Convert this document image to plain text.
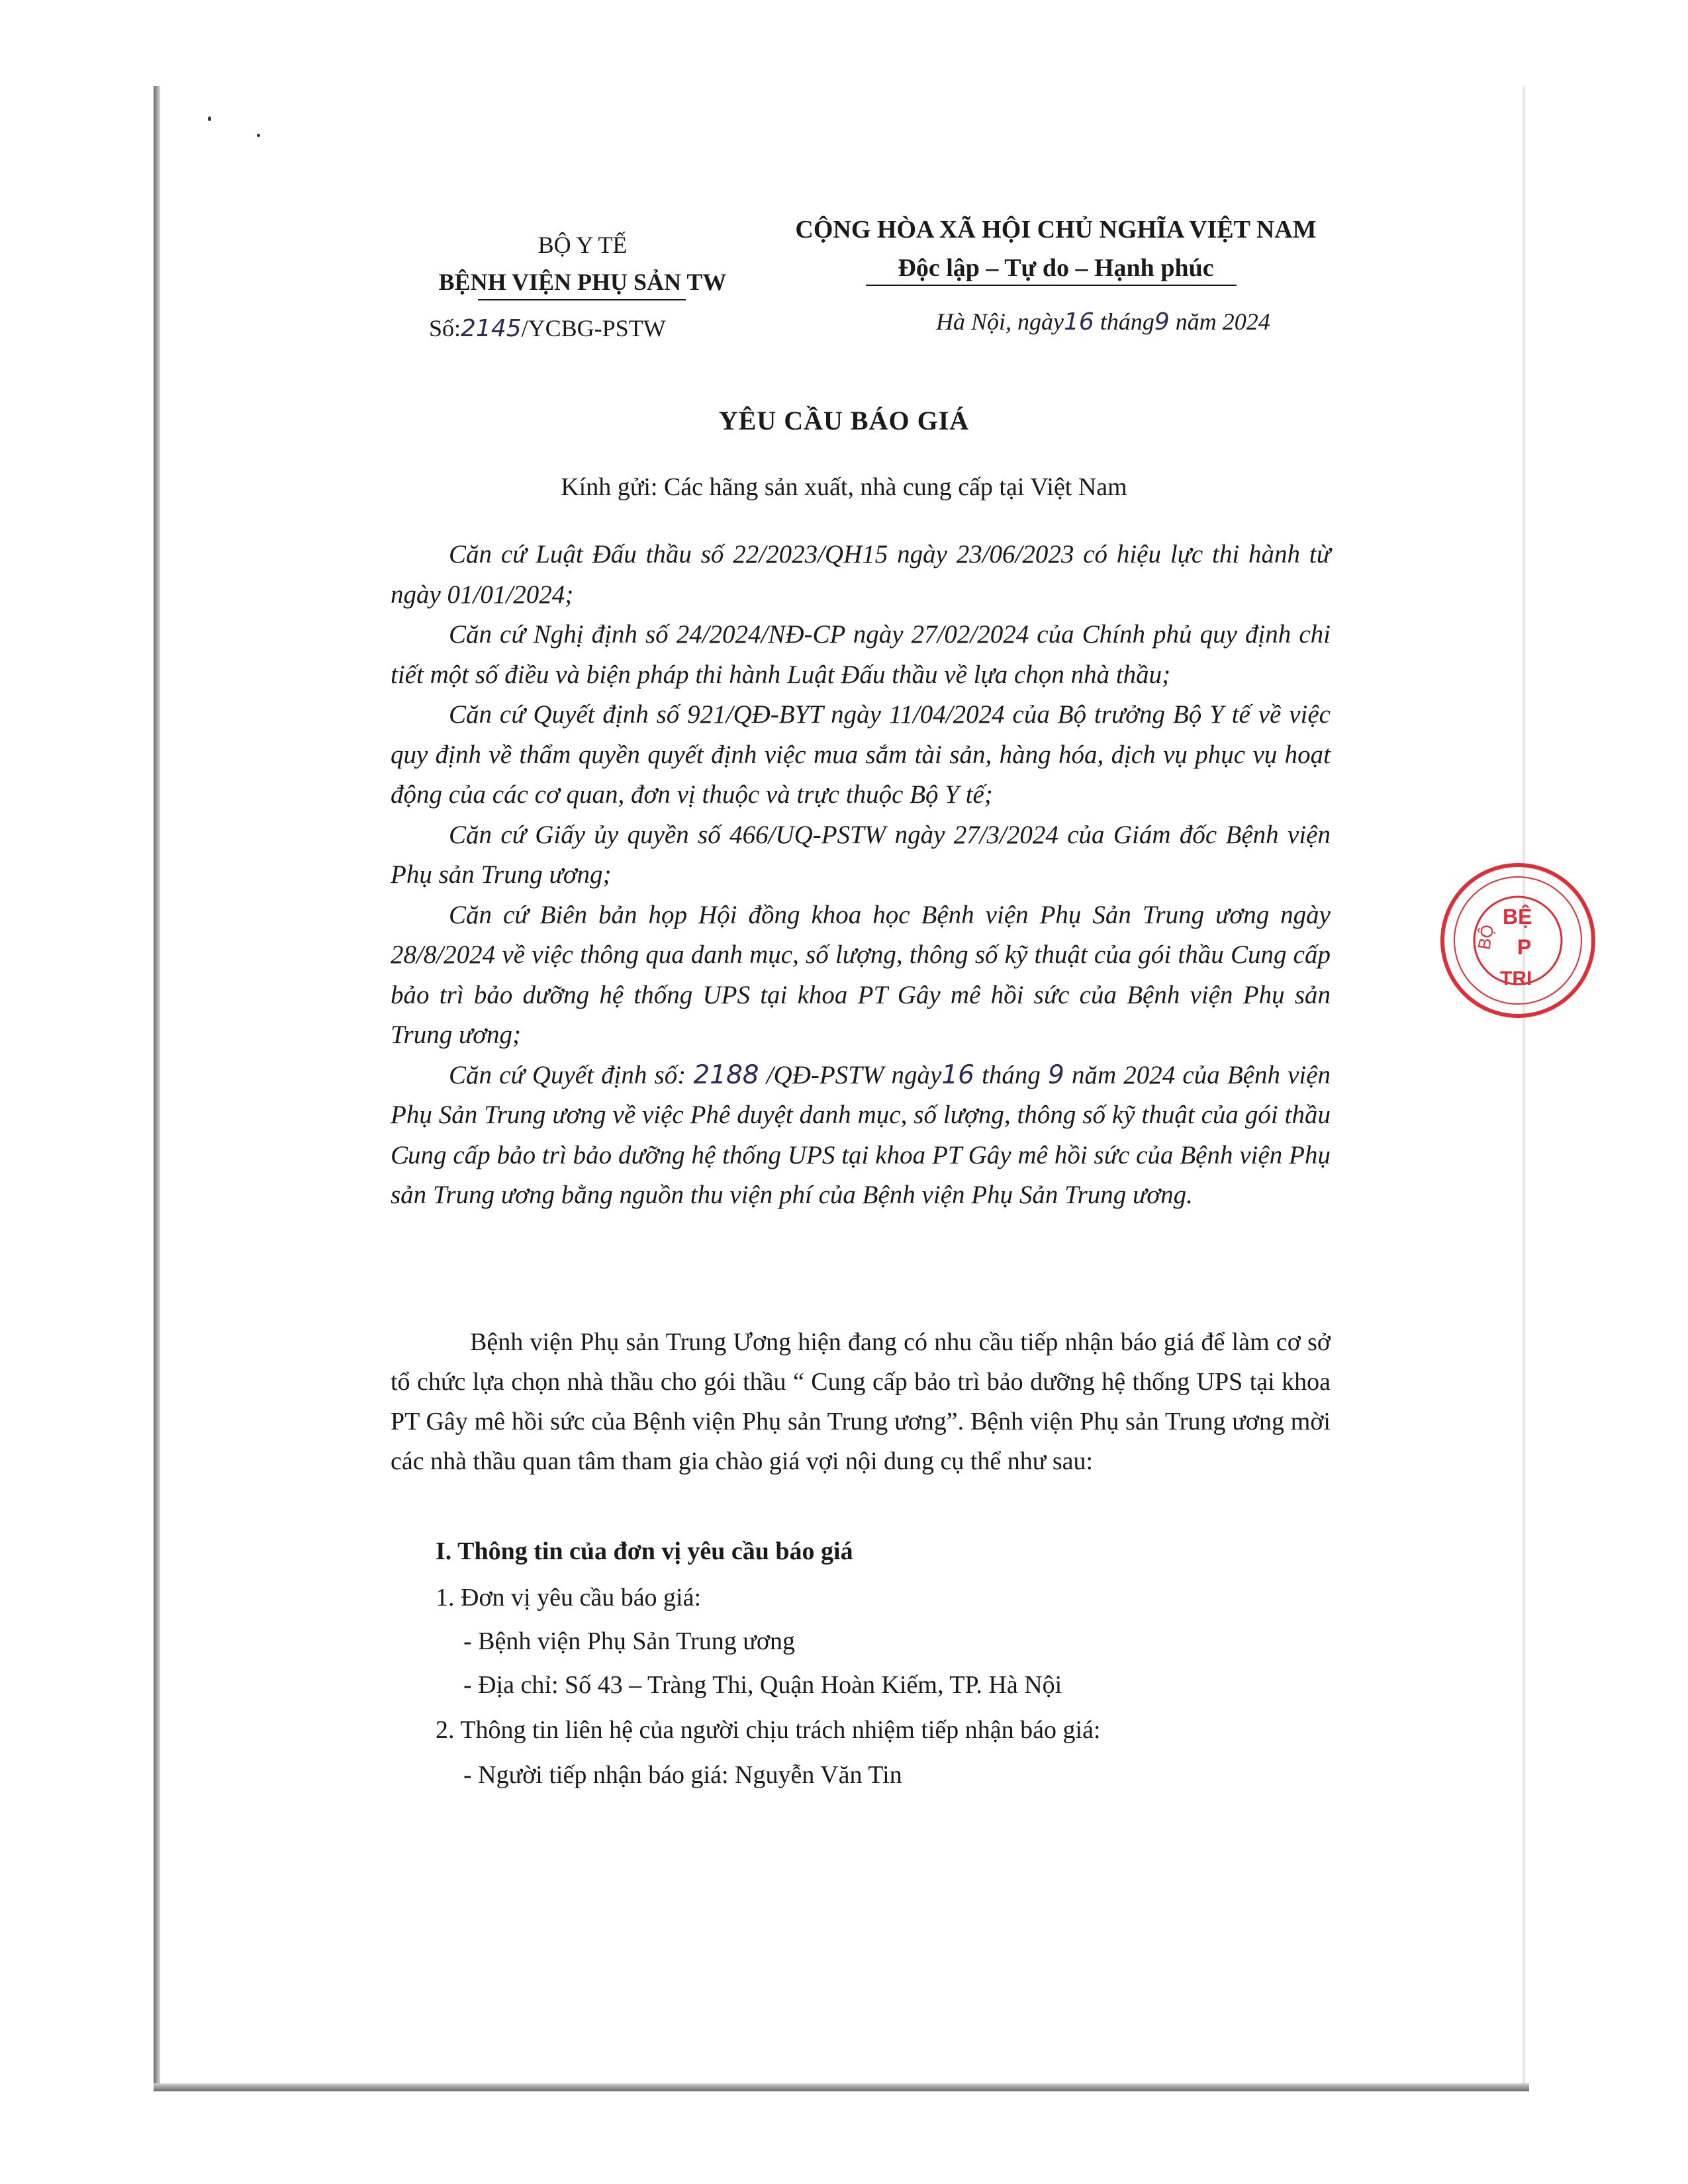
BỘ Y TẾ
BỆNH VIỆN PHỤ SẢN TW
Số:2145/YCBG-PSTW
CỘNG HÒA XÃ HỘI CHỦ NGHĨA VIỆT NAM
Độc lập – Tự do – Hạnh phúc
Hà Nội, ngày16 tháng9 năm 2024
YÊU CẦU BÁO GIÁ
Kính gửi: Các hãng sản xuất, nhà cung cấp tại Việt Nam

Căn cứ Luật Đấu thầu số 22/2023/QH15 ngày 23/06/2023 có hiệu lực thi hành từ ngày 01/01/2024;

Căn cứ Nghị định số 24/2024/NĐ-CP ngày 27/02/2024 của Chính phủ quy định chi tiết một số điều và biện pháp thi hành Luật Đấu thầu về lựa chọn nhà thầu;

Căn cứ Quyết định số 921/QĐ-BYT ngày 11/04/2024 của Bộ trưởng Bộ Y tế về việc quy định về thẩm quyền quyết định việc mua sắm tài sản, hàng hóa, dịch vụ phục vụ hoạt động của các cơ quan, đơn vị thuộc và trực thuộc Bộ Y tế;

Căn cứ Giấy ủy quyền số 466/UQ-PSTW ngày 27/3/2024 của Giám đốc Bệnh viện Phụ sản Trung ương;

Căn cứ Biên bản họp Hội đồng khoa học Bệnh viện Phụ Sản Trung ương ngày 28/8/2024 về việc thông qua danh mục, số lượng, thông số kỹ thuật của gói thầu Cung cấp bảo trì bảo dưỡng hệ thống UPS tại khoa PT Gây mê hồi sức của Bệnh viện Phụ sản Trung ương;

Căn cứ Quyết định số: 2188 /QĐ-PSTW ngày16 tháng 9 năm 2024 của Bệnh viện Phụ Sản Trung ương về việc Phê duyệt danh mục, số lượng, thông số kỹ thuật của gói thầu Cung cấp bảo trì bảo dưỡng hệ thống UPS tại khoa PT Gây mê hồi sức của Bệnh viện Phụ sản Trung ương bằng nguồn thu viện phí của Bệnh viện Phụ Sản Trung ương.

Bệnh viện Phụ sản Trung Ương hiện đang có nhu cầu tiếp nhận báo giá để làm cơ sở tổ chức lựa chọn nhà thầu cho gói thầu “ Cung cấp bảo trì bảo dưỡng hệ thống UPS tại khoa PT Gây mê hồi sức của Bệnh viện Phụ sản Trung ương”. Bệnh viện Phụ sản Trung ương mời các nhà thầu quan tâm tham gia chào giá vợi nội dung cụ thể như sau:

I. Thông tin của đơn vị yêu cầu báo giá
1. Đơn vị yêu cầu báo giá:
- Bệnh viện Phụ Sản Trung ương
- Địa chỉ: Số 43 – Tràng Thi, Quận Hoàn Kiếm, TP. Hà Nội
2. Thông tin liên hệ của người chịu trách nhiệm tiếp nhận báo giá:
- Người tiếp nhận báo giá: Nguyễn Văn Tin
BỘ
BỆ
P
TRI
